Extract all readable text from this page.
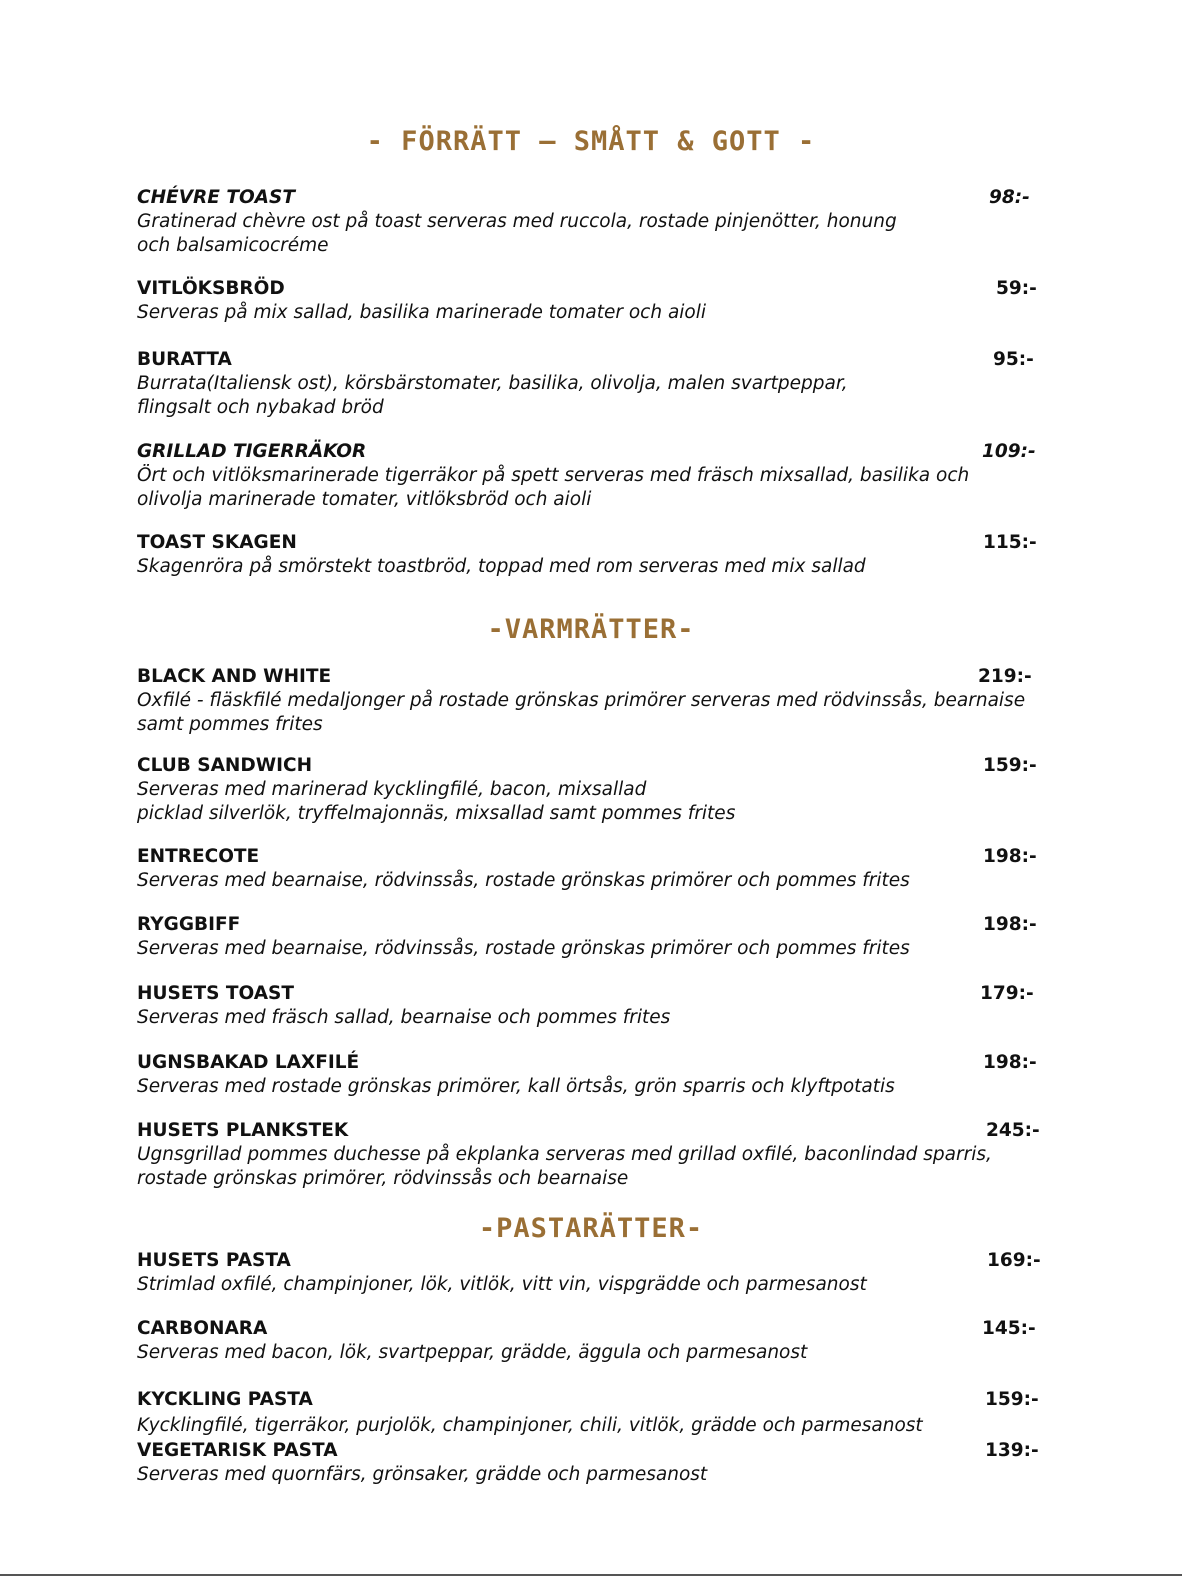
- FÖRRÄTT – SMÅTT & GOTT -
CHÉVRE TOAST	98:-

Gratinerad chèvre ost på toast serveras med ruccola, rostade pinjenötter, honung
och balsamicocréme

VITLÖKSBRÖD	59:-

Serveras på mix sallad, basilika marinerade tomater och aioli

BURATTA	95:-

Burrata(Italiensk ost), körsbärstomater, basilika, olivolja, malen svartpeppar,
flingsalt och nybakad bröd

GRILLAD TIGERRÄKOR	109:-

Ört och vitlöksmarinerade tigerräkor på spett serveras med fräsch mixsallad, basilika och
olivolja marinerade tomater, vitlöksbröd och aioli

TOAST SKAGEN	115:-

Skagenröra på smörstekt toastbröd, toppad med rom serveras med mix sallad

-VARMRÄTTER-
BLACK AND WHITE	219:-

Oxfilé - fläskfilé medaljonger på rostade grönskas primörer serveras med rödvinssås, bearnaise
samt pommes frites

CLUB SANDWICH	159:-

Serveras med marinerad kycklingfilé, bacon, mixsallad
picklad silverlök, tryffelmajonnäs, mixsallad samt pommes frites

ENTRECOTE	198:-

Serveras med bearnaise, rödvinssås, rostade grönskas primörer och pommes frites

RYGGBIFF	198:-

Serveras med bearnaise, rödvinssås, rostade grönskas primörer och pommes frites

HUSETS TOAST	179:-

Serveras med fräsch sallad, bearnaise och pommes frites

UGNSBAKAD LAXFILÉ	198:-

Serveras med rostade grönskas primörer, kall örtsås, grön sparris och klyftpotatis

HUSETS PLANKSTEK	245:-

Ugnsgrillad pommes duchesse på ekplanka serveras med grillad oxfilé, baconlindad sparris,
rostade grönskas primörer, rödvinssås och bearnaise

-PASTARÄTTER-
HUSETS PASTA	169:-

Strimlad oxfilé, champinjoner, lök, vitlök, vitt vin, vispgrädde och parmesanost

CARBONARA	145:-

Serveras med bacon, lök, svartpeppar, grädde, äggula och parmesanost

KYCKLING PASTA	159:-

Kycklingfilé, tigerräkor, purjolök, champinjoner, chili, vitlök, grädde och parmesanost

VEGETARISK PASTA	139:-

Serveras med quornfärs, grönsaker, grädde och parmesanost
